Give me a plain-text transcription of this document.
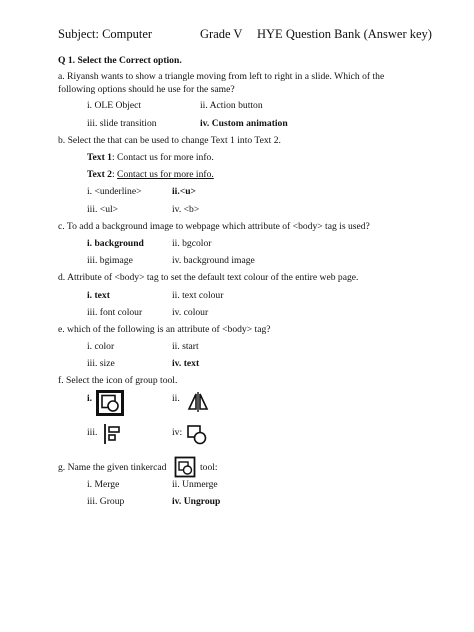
Subject: Computer	Grade V HYE Question Bank (Answer key)
Q 1. Select the Correct option.
a. Riyansh wants to show a triangle moving from left to right in a slide. Which of the
following options should he use for the same?
i. OLE Object	ii. Action button
iii. slide transition	iv. Custom animation
b. Select the that can be used to change Text 1 into Text 2.
Text 1: Contact us for more info.
Text 2: Contact us for more info.
i. <underline>	ii.<u>
iii. <ul>	iv. <b>
c. To add a background image to webpage which attribute of <body> tag is used?
i. background	ii. bgcolor
iii. bgimage	iv. background image
d. Attribute of <body> tag to set the default text colour of the entire web page.
i. text	ii. text colour
iii. font colour	iv. colour
e. which of the following is an attribute of <body> tag?
i. color	ii. start
iii. size	iv. text
f. Select the icon of group tool.
i.	ii.
iii.	iv:
g. Name the given tinkercad	tool:
i. Merge	ii. Unmerge
iii. Group	iv. Ungroup
